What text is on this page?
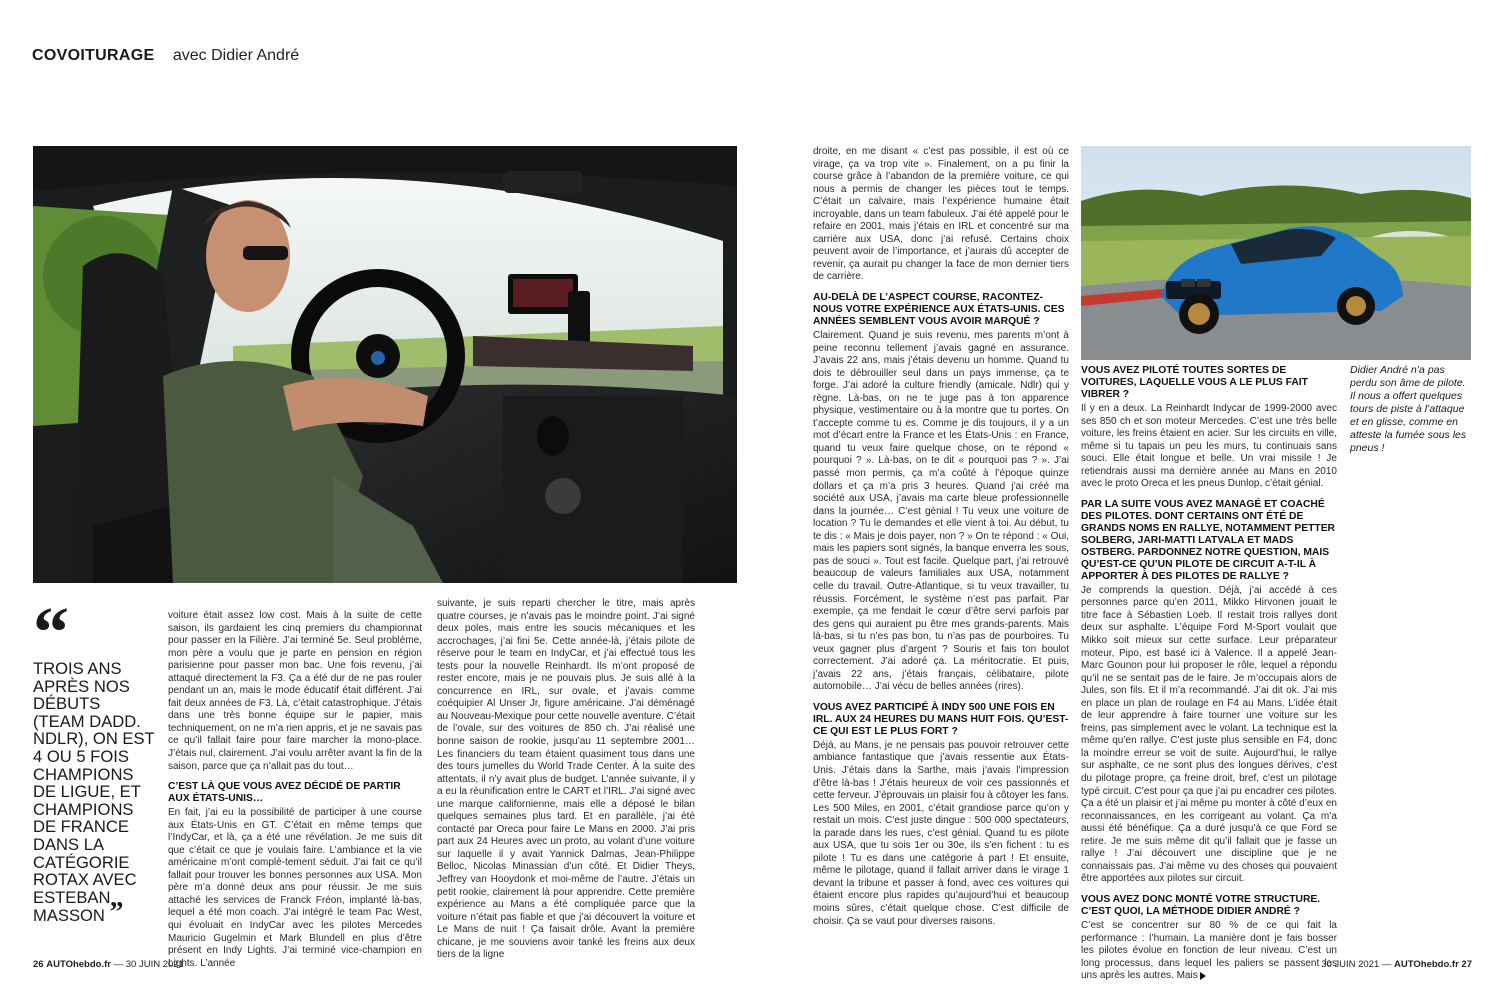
COVOITURAGE avec Didier André
“
TROIS ANS APRÈS NOS DÉBUTS (TEAM DADD. NDLR), ON EST 4 OU 5 FOIS CHAMPIONS DE LIGUE, ET CHAMPIONS DE FRANCE DANS LA CATÉGORIE ROTAX AVEC ESTEBAN MASSON ”

voiture était assez low cost. Mais à la suite de cette saison, ils gardaient les cinq premiers du championnat pour passer en la Filière. J’ai terminé 5e. Seul problème, mon père a voulu que je parte en pension en région parisienne pour passer mon bac. Une fois revenu, j’ai attaqué directement la F3. Ça a été dur de ne pas rouler pendant un an, mais le mode éducatif était différent. J’ai fait deux années de F3. Là, c’était catastrophique. J’étais dans une très bonne équipe sur le papier, mais techniquement, on ne m’a rien appris, et je ne savais pas ce qu’il fallait faire pour faire marcher la mono-place. J’étais nul, clairement. J’ai voulu arrêter avant la fin de la saison, parce que ça n’allait pas du tout…

C’EST LÀ QUE VOUS AVEZ DÉCIDÉ DE PARTIR AUX ÉTATS-UNIS…

En fait, j’ai eu la possibilité de participer à une course aux États-Unis en GT. C’était en même temps que l’IndyCar, et là, ça a été une révélation. Je me suis dit que c’était ce que je voulais faire. L’ambiance et la vie américaine m’ont complè-tement séduit. J’ai fait ce qu’il fallait pour trouver les bonnes personnes aux USA. Mon père m’a donné deux ans pour réussir. Je me suis attaché les services de Franck Fréon, implanté là-bas, lequel a été mon coach. J’ai intégré le team Pac West, qui évoluait en IndyCar avec les pilotes Mercedes Mauricio Gugelmin et Mark Blundell en plus d’être présent en Indy Lights. J’ai terminé vice-champion en Lights. L’année

suivante, je suis reparti chercher le titre, mais après quatre courses, je n’avais pas le moindre point. J’ai signé deux poles, mais entre les soucis mécaniques et les accrochages, j’ai fini 5e. Cette année-là, j’étais pilote de réserve pour le team en IndyCar, et j’ai effectué tous les tests pour la nouvelle Reinhardt. Ils m’ont proposé de rester encore, mais je ne pouvais plus. Je suis allé à la concurrence en IRL, sur ovale, et j’avais comme coéquipier Al Unser Jr, figure américaine. J’ai déménagé au Nouveau-Mexique pour cette nouvelle aventure. C’était de l’ovale, sur des voitures de 850 ch. J’ai réalisé une bonne saison de rookie, jusqu’au 11 septembre 2001… Les financiers du team étaient quasiment tous dans une des tours jumelles du World Trade Center. À la suite des attentats, il n’y avait plus de budget. L’année suivante, il y a eu la réunification entre le CART et l’IRL. J’ai signé avec une marque californienne, mais elle a déposé le bilan quelques semaines plus tard. Et en parallèle, j’ai été contacté par Oreca pour faire Le Mans en 2000. J’ai pris part aux 24 Heures avec un proto, au volant d’une voiture sur laquelle il y avait Yannick Dalmas, Jean-Philippe Belloc, Nicolas Minassian d’un côté. Et Didier Theys, Jeffrey van Hooydonk et moi-même de l’autre. J’étais un petit rookie, clairement là pour apprendre. Cette première expérience au Mans a été compliquée parce que la voiture n’était pas fiable et que j’ai découvert la voiture et Le Mans de nuit ! Ça faisait drôle. Avant la première chicane, je me souviens avoir tanké les freins aux deux tiers de la ligne

droite, en me disant « c’est pas possible, il est où ce virage, ça va trop vite ». Finalement, on a pu finir la course grâce à l’abandon de la première voiture, ce qui nous a permis de changer les pièces tout le temps. C’était un calvaire, mais l’expérience humaine était incroyable, dans un team fabuleux. J’ai été appelé pour le refaire en 2001, mais j’étais en IRL et concentré sur ma carrière aux USA, donc j’ai refusé. Certains choix peuvent avoir de l’importance, et j’aurais dû accepter de revenir, ça aurait pu changer la face de mon dernier tiers de carrière.

AU-DELÀ DE L’ASPECT COURSE, RACONTEZ-NOUS VOTRE EXPÉRIENCE AUX ÉTATS-UNIS. CES ANNÉES SEMBLENT VOUS AVOIR MARQUÉ ?

Clairement. Quand je suis revenu, mes parents m’ont à peine reconnu tellement j’avais gagné en assurance. J’avais 22 ans, mais j’étais devenu un homme. Quand tu dois te débrouiller seul dans un pays immense, ça te forge. J’ai adoré la culture friendly (amicale. Ndlr) qui y règne. Là-bas, on ne te juge pas à ton apparence physique, vestimentaire ou à la montre que tu portes. On t’accepte comme tu es. Comme je dis toujours, il y a un mot d’écart entre la France et les États-Unis : en France, quand tu veux faire quelque chose, on te répond « pourquoi ? ». Là-bas, on te dit « pourquoi pas ? ». J’ai passé mon permis, ça m’a coûté à l’époque quinze dollars et ça m’a pris 3 heures. Quand j’ai créé ma société aux USA, j’avais ma carte bleue professionnelle dans la journée… C’est génial ! Tu veux une voiture de location ? Tu le demandes et elle vient à toi. Au début, tu te dis : « Mais je dois payer, non ? » On te répond : « Oui, mais les papiers sont signés, la banque enverra les sous, pas de souci ». Tout est facile. Quelque part, j’ai retrouvé beaucoup de valeurs familiales aux USA, notamment celle du travail. Outre-Atlantique, si tu veux travailler, tu réussis. Forcément, le système n’est pas parfait. Par exemple, ça me fendait le cœur d’être servi parfois par des gens qui auraient pu être mes grands-parents. Mais là-bas, si tu n’es pas bon, tu n’as pas de pourboires. Tu veux gagner plus d’argent ? Souris et fais ton boulot correctement. J’ai adoré ça. La méritocratie. Et puis, j’avais 22 ans, j’étais français, célibataire, pilote automobile… J’ai vécu de belles années (rires).

VOUS AVEZ PARTICIPÉ À INDY 500 UNE FOIS EN IRL. AUX 24 HEURES DU MANS HUIT FOIS. QU’EST-CE QUI EST LE PLUS FORT ?

Déjà, au Mans, je ne pensais pas pouvoir retrouver cette ambiance fantastique que j’avais ressentie aux États-Unis. J’étais dans la Sarthe, mais j’avais l’impression d’être là-bas ! J’étais heureux de voir ces passionnés et cette ferveur. J’éprouvais un plaisir fou à côtoyer les fans. Les 500 Miles, en 2001, c’était grandiose parce qu’on y restait un mois. C’est juste dingue : 500 000 spectateurs, la parade dans les rues, c’est génial. Quand tu es pilote aux USA, que tu sois 1er ou 30e, ils s’en fichent : tu es pilote ! Tu es dans une catégorie à part ! Et ensuite, même le pilotage, quand il fallait arriver dans le virage 1 devant la tribune et passer à fond, avec ces voitures qui étaient encore plus rapides qu’aujourd’hui et beaucoup moins sûres, c’était quelque chose. C’est difficile de choisir. Ça se vaut pour diverses raisons.

VOUS AVEZ PILOTÉ TOUTES SORTES DE VOITURES, LAQUELLE VOUS A LE PLUS FAIT VIBRER ?

Il y en a deux. La Reinhardt Indycar de 1999-2000 avec ses 850 ch et son moteur Mercedes. C’est une très belle voiture, les freins étaient en acier. Sur les circuits en ville, même si tu tapais un peu les murs, tu continuais sans souci. Elle était longue et belle. Un vrai missile ! Je retiendrais aussi ma dernière année au Mans en 2010 avec le proto Oreca et les pneus Dunlop, c’était génial.

PAR LA SUITE VOUS AVEZ MANAGÉ ET COACHÉ DES PILOTES. DONT CERTAINS ONT ÉTÉ DE GRANDS NOMS EN RALLYE, NOTAMMENT PETTER SOLBERG, JARI-MATTI LATVALA ET MADS OSTBERG. PARDONNEZ NOTRE QUESTION, MAIS QU’EST-CE QU’UN PILOTE DE CIRCUIT A-T-IL À APPORTER À DES PILOTES DE RALLYE ?

Je comprends la question. Déjà, j’ai accédé à ces personnes parce qu’en 2011, Mikko Hirvonen jouait le titre face à Sébastien Loeb. Il restait trois rallyes dont deux sur asphalte. L’équipe Ford M-Sport voulait que Mikko soit mieux sur cette surface. Leur préparateur moteur, Pipo, est basé ici à Valence. Il a appelé Jean-Marc Gounon pour lui proposer le rôle, lequel a répondu qu’il ne se sentait pas de le faire. Je m’occupais alors de Jules, son fils. Et il m’a recommandé. J’ai dit ok. J’ai mis en place un plan de roulage en F4 au Mans. L’idée était de leur apprendre à faire tourner une voiture sur les freins, pas simplement avec le volant. La technique est la même qu’en rallye. C’est juste plus sensible en F4, donc la moindre erreur se voit de suite. Aujourd’hui, le rallye sur asphalte, ce ne sont plus des longues dérives, c’est du pilotage propre, ça freine droit, bref, c’est un pilotage typé circuit. C’est pour ça que j’ai pu encadrer ces pilotes. Ça a été un plaisir et j’ai même pu monter à côté d’eux en reconnaissances, en les corrigeant au volant. Ça m’a aussi été bénéfique. Ça a duré jusqu’à ce que Ford se retire. Je me suis même dit qu’il fallait que je fasse un rallye ! J’ai découvert une discipline que je ne connaissais pas. J’ai même vu des choses qui pouvaient être apportées aux pilotes sur circuit.

VOUS AVEZ DONC MONTÉ VOTRE STRUCTURE. C’EST QUOI, LA MÉTHODE DIDIER ANDRÉ ?

C’est se concentrer sur 80 % de ce qui fait la performance : l’humain. La manière dont je fais bosser les pilotes évolue en fonction de leur niveau. C’est un long processus, dans lequel les paliers se passent les uns après les autres. Mais

Didier André n’a pas perdu son âme de pilote. Il nous a offert quelques tours de piste à l’attaque et en glisse, comme en atteste la fumée sous les pneus !
26 AUTOhebdo.fr — 30 JUIN 2021	30 JUIN 2021 — AUTOhebdo.fr 27
